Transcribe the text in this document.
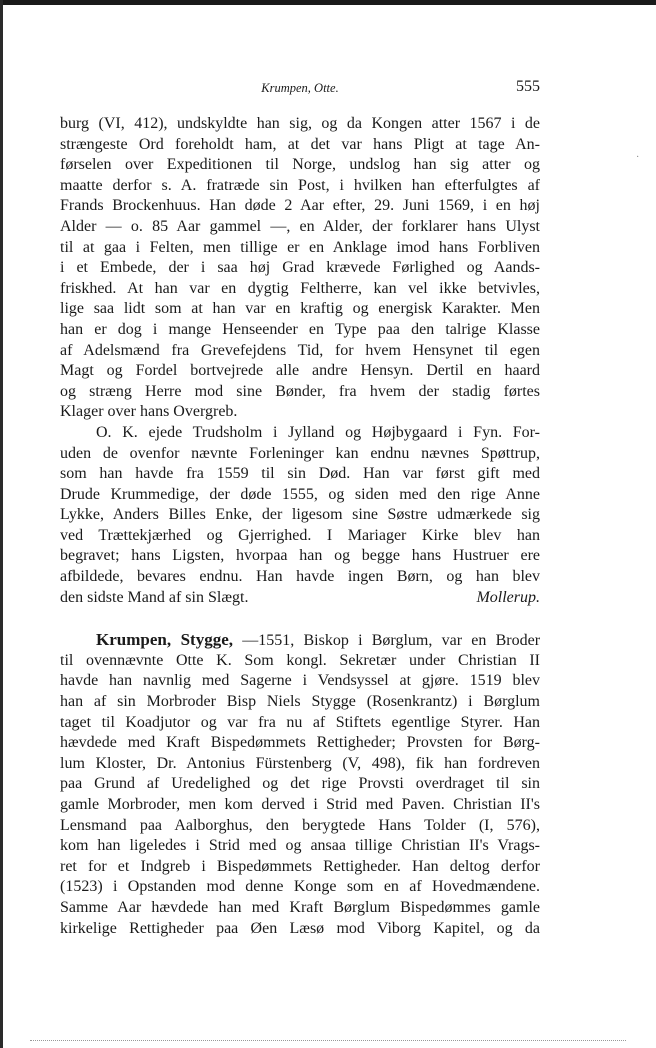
Krumpen, Otte.	555
·
burg (VI, 412), undskyldte han sig, og da Kongen atter 1567 i de
strængeste Ord foreholdt ham, at det var hans Pligt at tage An-
førselen over Expeditionen til Norge, undslog han sig atter og
maatte derfor s. A. fratræde sin Post, i hvilken han efterfulgtes af
Frands Brockenhuus. Han døde 2 Aar efter, 29. Juni 1569, i en høj
Alder — o. 85 Aar gammel —, en Alder, der forklarer hans Ulyst
til at gaa i Felten, men tillige er en Anklage imod hans Forbliven
i et Embede, der i saa høj Grad krævede Førlighed og Aands-
friskhed. At han var en dygtig Feltherre, kan vel ikke betvivles,
lige saa lidt som at han var en kraftig og energisk Karakter. Men
han er dog i mange Henseender en Type paa den talrige Klasse
af Adelsmænd fra Grevefejdens Tid, for hvem Hensynet til egen
Magt og Fordel bortvejrede alle andre Hensyn. Dertil en haard
og stræng Herre mod sine Bønder, fra hvem der stadig førtes
Klager over hans Overgreb.
O. K. ejede Trudsholm i Jylland og Højbygaard i Fyn. For-
uden de ovenfor nævnte Forleninger kan endnu nævnes Spøttrup,
som han havde fra 1559 til sin Død. Han var først gift med
Drude Krummedige, der døde 1555, og siden med den rige Anne
Lykke, Anders Billes Enke, der ligesom sine Søstre udmærkede sig
ved Trættekjærhed og Gjerrighed. I Mariager Kirke blev han
begravet; hans Ligsten, hvorpaa han og begge hans Hustruer ere
afbildede, bevares endnu. Han havde ingen Børn, og han blev
den sidste Mand af sin Slægt.	Mollerup.
Krumpen, Stygge, —1551, Biskop i Børglum, var en Broder
til ovennævnte Otte K. Som kongl. Sekretær under Christian II
havde han navnlig med Sagerne i Vendsyssel at gjøre. 1519 blev
han af sin Morbroder Bisp Niels Stygge (Rosenkrantz) i Børglum
taget til Koadjutor og var fra nu af Stiftets egentlige Styrer. Han
hævdede med Kraft Bispedømmets Rettigheder; Provsten for Børg-
lum Kloster, Dr. Antonius Fürstenberg (V, 498), fik han fordreven
paa Grund af Uredelighed og det rige Provsti overdraget til sin
gamle Morbroder, men kom derved i Strid med Paven. Christian II's
Lensmand paa Aalborghus, den berygtede Hans Tolder (I, 576),
kom han ligeledes i Strid med og ansaa tillige Christian II's Vrags-
ret for et Indgreb i Bispedømmets Rettigheder. Han deltog derfor
(1523) i Opstanden mod denne Konge som en af Hovedmændene.
Samme Aar hævdede han med Kraft Børglum Bispedømmes gamle
kirkelige Rettigheder paa Øen Læsø mod Viborg Kapitel, og da
